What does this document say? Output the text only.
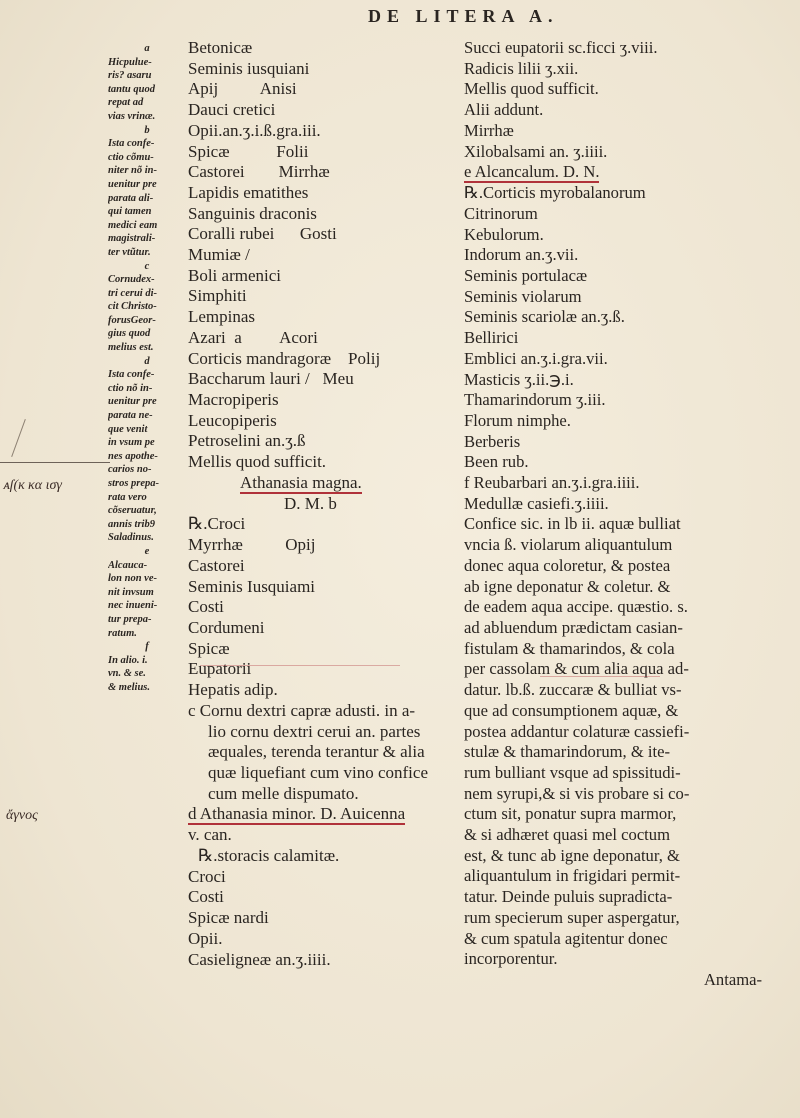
DE LITERA A.
ᴀſ(ᴋ κα ισγ
ἄγνος
a
Hicpulue-
ris? asaru
tantu quod
repat ad
vias vrinæ.
b
Ista confe-
ctio cõmu-
niter nõ in-
uenitur pre
parata ali-
qui tamen
medici eam
magistrali-
ter vtũtur.
c
Cornudex-
tri cerui di-
cit Christo-
forusGeor-
gius quod
melius est.
d
Ista confe-
ctio nõ in-
uenitur pre
parata ne-
que venit
in vsum pe
nes apothe-
carios no-
stros prepa-
rata vero
cõseruatur,
annis trib9
Saladinus.
e
Alcauca-
lon non ve-
nit invsum
nec inueni-
tur prepa-
ratum.
f
In alio. i.
vn. & se.
& melius.
Betonicæ
Seminis iusquiani
Apij          Anisi
Dauci cretici
Opii.an.ʒ.i.ß.gra.iii.
Spicæ           Folii
Castorei        Mirrhæ
Lapidis ematithes
Sanguinis draconis
Coralli rubei      Gosti
Mumiæ /
Boli armenici
Simphiti
Lempinas
Azari  a         Acori
Corticis mandragoræ    Polij
Baccharum lauri /   Meu
Macropiperis
Leucopiperis
Petroselini an.ʒ.ß
Mellis quod sufficit.
Athanasia magna.
D. M. b
℞.Croci
Myrrhæ          Opij
Castorei
Seminis Iusquiami
Costi
Cordumeni
Spicæ
Eupatorii
Hepatis adip.
c Cornu dextri capræ adusti. in a-
lio cornu dextri cerui an. partes
æquales, terenda terantur & alia
quæ liquefiant cum vino confice
cum melle dispumato.
d Athanasia minor. D. Auicenna
v. can.
℞.storacis calamitæ.
Croci
Costi
Spicæ nardi
Opii.
Casieligneæ an.ʒ.iiii.
Succi eupatorii sc.ficci ʒ.viii.
Radicis lilii ʒ.xii.
Mellis quod sufficit.
Alii addunt.
Mirrhæ
Xilobalsami an. ʒ.iiii.
e Alcancalum. D. N.
℞.Corticis myrobalanorum
Citrinorum
Kebulorum.
Indorum an.ʒ.vii.
Seminis portulacæ
Seminis violarum
Seminis scariolæ an.ʒ.ß.
Bellirici
Emblici an.ʒ.i.gra.vii.
Masticis ʒ.ii.℈.i.
Thamarindorum ʒ.iii.
Florum nimphe.
Berberis
Been rub.
f Reubarbari an.ʒ.i.gra.iiii.
Medullæ casiefi.ʒ.iiii.
Confice sic. in lb ii. aquæ bulliat
vncia ß. violarum aliquantulum
donec aqua coloretur, & postea
ab igne deponatur & coletur. &
de eadem aqua accipe. quæstio. s.
ad abluendum prædictam casian-
fistulam & thamarindos, & cola
per cassolam & cum alia aqua ad-
datur. lb.ß. zuccaræ & bulliat vs-
que ad consumptionem aquæ, &
postea addantur colaturæ cassiefi-
stulæ & thamarindorum, & ite-
rum bulliant vsque ad spissitudi-
nem syrupi,& si vis probare si co-
ctum sit, ponatur supra marmor,
& si adhæret quasi mel coctum
est, & tunc ab igne deponatur, &
aliquantulum in frigidari permit-
tatur. Deinde puluis supradicta-
rum specierum super aspergatur,
& cum spatula agitentur donec
incorporentur.
Antama-
